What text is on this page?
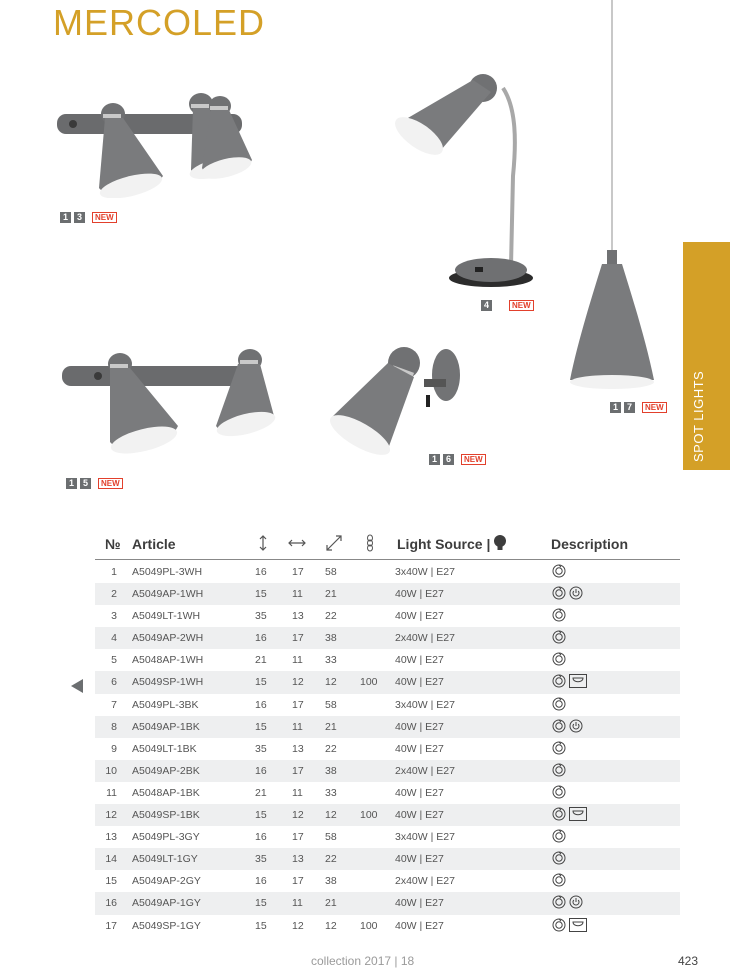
MERCOLED
SPOT LIGHTS
1 3	NEW
4	NEW
1 7	NEW
1 5	NEW
1 6	NEW
№ Article	Light Source |	Description
1 A5049PL-3WH	16 17 58	3x40W | E27
2 A5049AP-1WH	15 11 21	40W | E27
3 A5049LT-1WH	35 13 22	40W | E27
4 A5049AP-2WH	16 17 38	2x40W | E27
5 A5048AP-1WH	21 11 33	40W | E27
6 A5049SP-1WH	15 12 12 100 40W | E27
7 A5049PL-3BK	16 17 58	3x40W | E27
8 A5049AP-1BK	15 11 21	40W | E27
9 A5049LT-1BK	35 13 22	40W | E27
10 A5049AP-2BK	16 17 38	2x40W | E27
11 A5048AP-1BK	21 11 33	40W | E27
12 A5049SP-1BK	15 12 12 100 40W | E27
13 A5049PL-3GY	16 17 58	3x40W | E27
14 A5049LT-1GY	35 13 22	40W | E27
15 A5049AP-2GY	16 17 38	2x40W | E27
16 A5049AP-1GY	15 11 21	40W | E27
17 A5049SP-1GY	15 12 12 100 40W | E27
collection 2017 | 18	423
